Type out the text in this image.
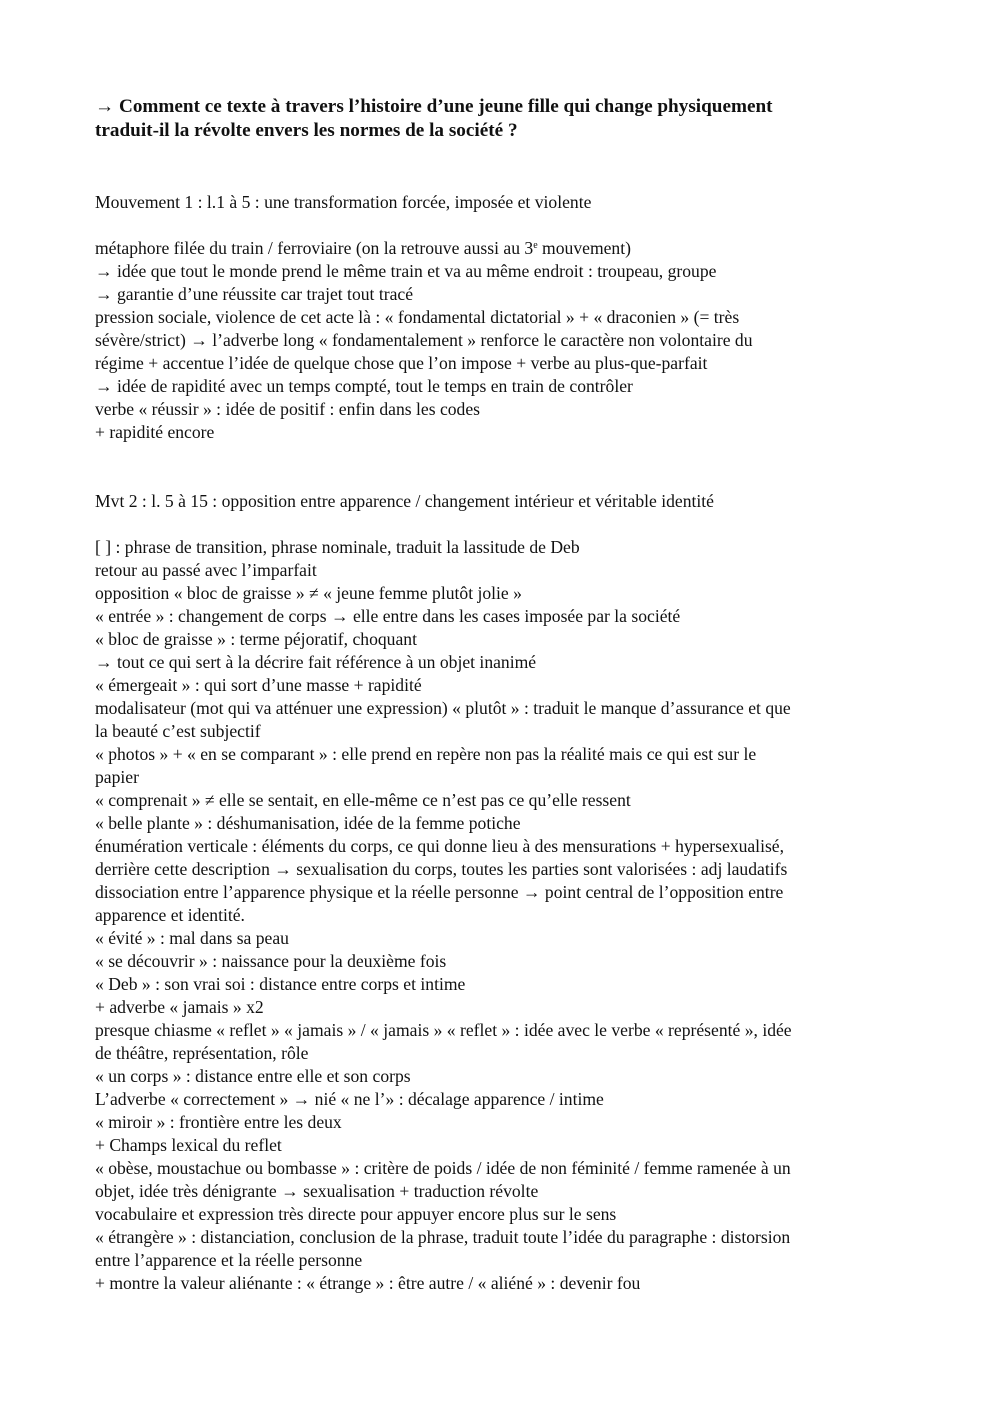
→ Comment ce texte à travers l’histoire d’une jeune fille qui change physiquement
traduit-il la révolte envers les normes de la société ?

Mouvement 1 : l.1 à 5 : une transformation forcée, imposée et violente

métaphore filée du train / ferroviaire (on la retrouve aussi au 3e mouvement)

→ idée que tout le monde prend le même train et va au même endroit : troupeau, groupe

→ garantie d’une réussite car trajet tout tracé

pression sociale, violence de cet acte là : « fondamental dictatorial » + « draconien » (= très

sévère/strict) → l’adverbe long « fondamentalement » renforce le caractère non volontaire du

régime + accentue l’idée de quelque chose que l’on impose + verbe au plus-que-parfait

→ idée de rapidité avec un temps compté, tout le temps en train de contrôler

verbe « réussir » : idée de positif : enfin dans les codes

+ rapidité encore

Mvt 2 : l. 5 à 15 : opposition entre apparence / changement intérieur et véritable identité

[ ] : phrase de transition, phrase nominale, traduit la lassitude de Deb

retour au passé avec l’imparfait

opposition « bloc de graisse » ≠ « jeune femme plutôt jolie »

« entrée » : changement de corps → elle entre dans les cases imposée par la société

« bloc de graisse » : terme péjoratif, choquant

→ tout ce qui sert à la décrire fait référence à un objet inanimé

« émergeait » : qui sort d’une masse + rapidité

modalisateur (mot qui va atténuer une expression) « plutôt » : traduit le manque d’assurance et que

la beauté c’est subjectif

« photos » + « en se comparant » : elle prend en repère non pas la réalité mais ce qui est sur le

papier

« comprenait » ≠ elle se sentait, en elle-même ce n’est pas ce qu’elle ressent

« belle plante » : déshumanisation, idée de la femme potiche

énumération verticale : éléments du corps, ce qui donne lieu à des mensurations + hypersexualisé,

derrière cette description → sexualisation du corps, toutes les parties sont valorisées : adj laudatifs

dissociation entre l’apparence physique et la réelle personne → point central de l’opposition entre

apparence et identité.

« évité » : mal dans sa peau

« se découvrir » : naissance pour la deuxième fois

« Deb » : son vrai soi : distance entre corps et intime

+ adverbe « jamais » x2

presque chiasme « reflet » « jamais » / « jamais » « reflet » : idée avec le verbe « représenté », idée

de théâtre, représentation, rôle

« un corps » : distance entre elle et son corps

L’adverbe « correctement » → nié « ne l’» : décalage apparence / intime

« miroir » : frontière entre les deux

+ Champs lexical du reflet

« obèse, moustachue ou bombasse » : critère de poids / idée de non féminité / femme ramenée à un

objet, idée très dénigrante → sexualisation + traduction révolte

vocabulaire et expression très directe pour appuyer encore plus sur le sens

« étrangère » : distanciation, conclusion de la phrase, traduit toute l’idée du paragraphe : distorsion

entre l’apparence et la réelle personne

+ montre la valeur aliénante : « étrange » : être autre / « aliéné » : devenir fou
